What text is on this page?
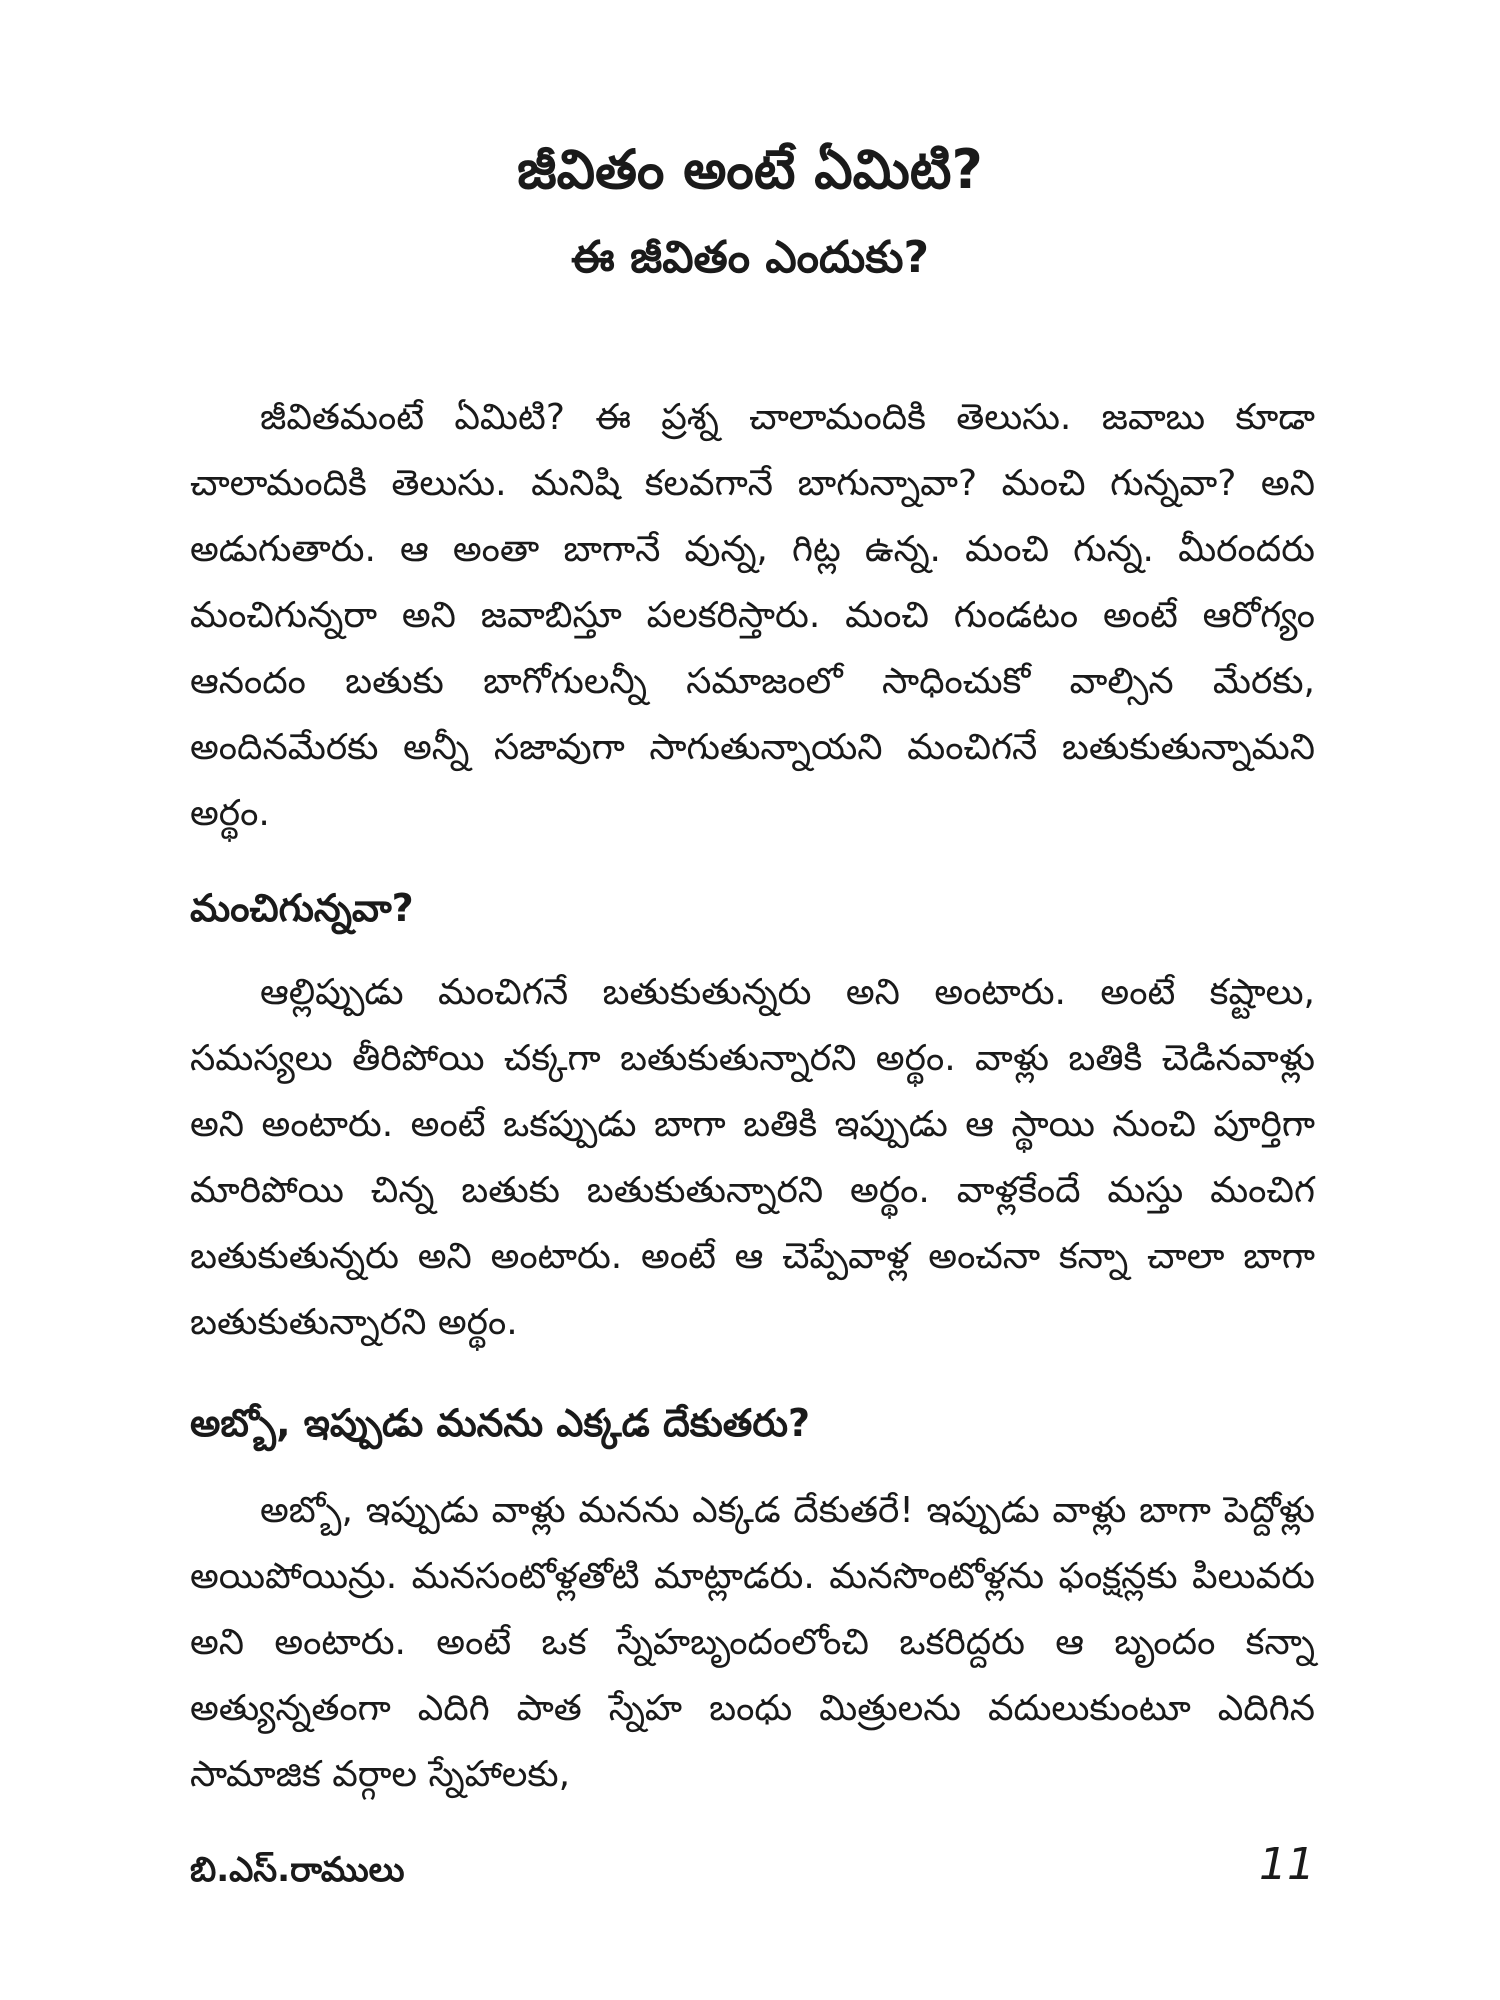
జీవితం అంటే ఏమిటి?
ఈ జీవితం ఎందుకు?

జీవితమంటే ఏమిటి? ఈ ప్రశ్న చాలామందికి తెలుసు. జవాబు కూడా చాలామందికి తెలుసు. మనిషి కలవగానే బాగున్నావా? మంచి గున్నవా? అని అడుగుతారు. ఆ అంతా బాగానే వున్న, గిట్ల ఉన్న. మంచి గున్న. మీరందరు మంచిగున్నరా అని జవాబిస్తూ పలకరిస్తారు. మంచి గుండటం అంటే ఆరోగ్యం ఆనందం బతుకు బాగోగులన్నీ సమాజంలో సాధించుకో వాల్సిన మేరకు, అందినమేరకు అన్నీ సజావుగా సాగుతున్నాయని మంచిగనే బతుకుతున్నామని అర్థం.

మంచిగున్నవా?

ఆల్లిప్పుడు మంచిగనే బతుకుతున్నరు అని అంటారు. అంటే కష్టాలు, సమస్యలు తీరిపోయి చక్కగా బతుకుతున్నారని అర్థం. వాళ్లు బతికి చెడినవాళ్లు అని అంటారు. అంటే ఒకప్పుడు బాగా బతికి ఇప్పుడు ఆ స్థాయి నుంచి పూర్తిగా మారిపోయి చిన్న బతుకు బతుకుతున్నారని అర్థం. వాళ్లకేందే మస్తు మంచిగ బతుకుతున్నరు అని అంటారు. అంటే ఆ చెప్పేవాళ్ల అంచనా కన్నా చాలా బాగా బతుకుతున్నారని అర్థం.

అబ్బో, ఇప్పుడు మనను ఎక్కడ దేకుతరు?

అబ్బో, ఇప్పుడు వాళ్లు మనను ఎక్కడ దేకుతరే! ఇప్పుడు వాళ్లు బాగా పెద్దోళ్లు అయిపోయిన్రు. మనసంటోళ్లతోటి మాట్లాడరు. మనసొంటోళ్లను ఫంక్షన్లకు పిలువరు అని అంటారు. అంటే ఒక స్నేహబృందంలోంచి ఒకరిద్దరు ఆ బృందం కన్నా అత్యున్నతంగా ఎదిగి పాత స్నేహ బంధు మిత్రులను వదులుకుంటూ ఎదిగిన సామాజిక వర్గాల స్నేహాలకు,

బి.ఎస్.రాములు	11
